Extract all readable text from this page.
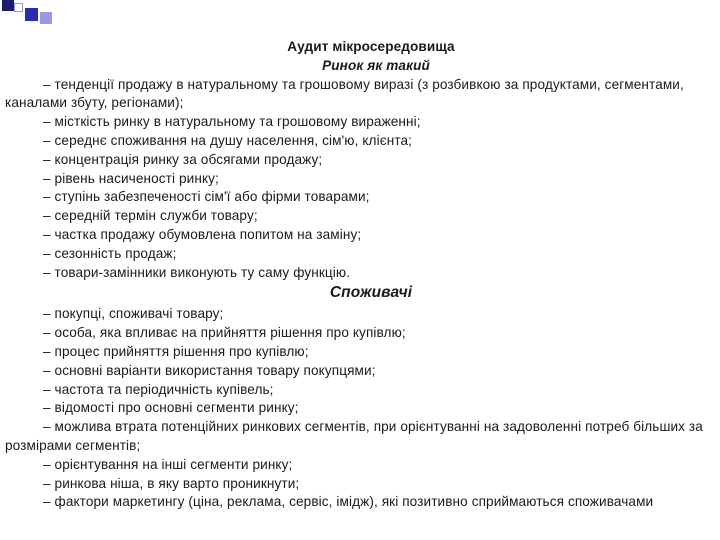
Аудит мікросередовища
Ринок як такий
– тенденції продажу в натуральному та грошовому виразі (з розбивкою за продуктами, сегментами, каналами збуту, регіонами);
– місткість ринку в натуральному та грошовому вираженні;
– середнє споживання на душу населення, сім'ю, клієнта;
– концентрація ринку за обсягами продажу;
– рівень насиченості ринку;
– ступінь забезпеченості сім'ї або фірми товарами;
– середній термін служби товару;
– частка продажу обумовлена попитом на заміну;
– сезонність продаж;
– товари-замінники виконують ту саму функцію.
Споживачі
– покупці, споживачі товару;
– особа, яка впливає на прийняття рішення про купівлю;
– процес прийняття рішення про купівлю;
– основні варіанти використання товару покупцями;
– частота та періодичність купівель;
– відомості про основні сегменти ринку;
– можлива втрата потенційних ринкових сегментів, при орієнтуванні на задоволенні потреб більших за розмірами сегментів;
– орієнтування на інші сегменти ринку;
– ринкова ніша, в яку варто проникнути;
– фактори маркетингу (ціна, реклама, сервіс, імідж), які позитивно сприймаються споживачами
